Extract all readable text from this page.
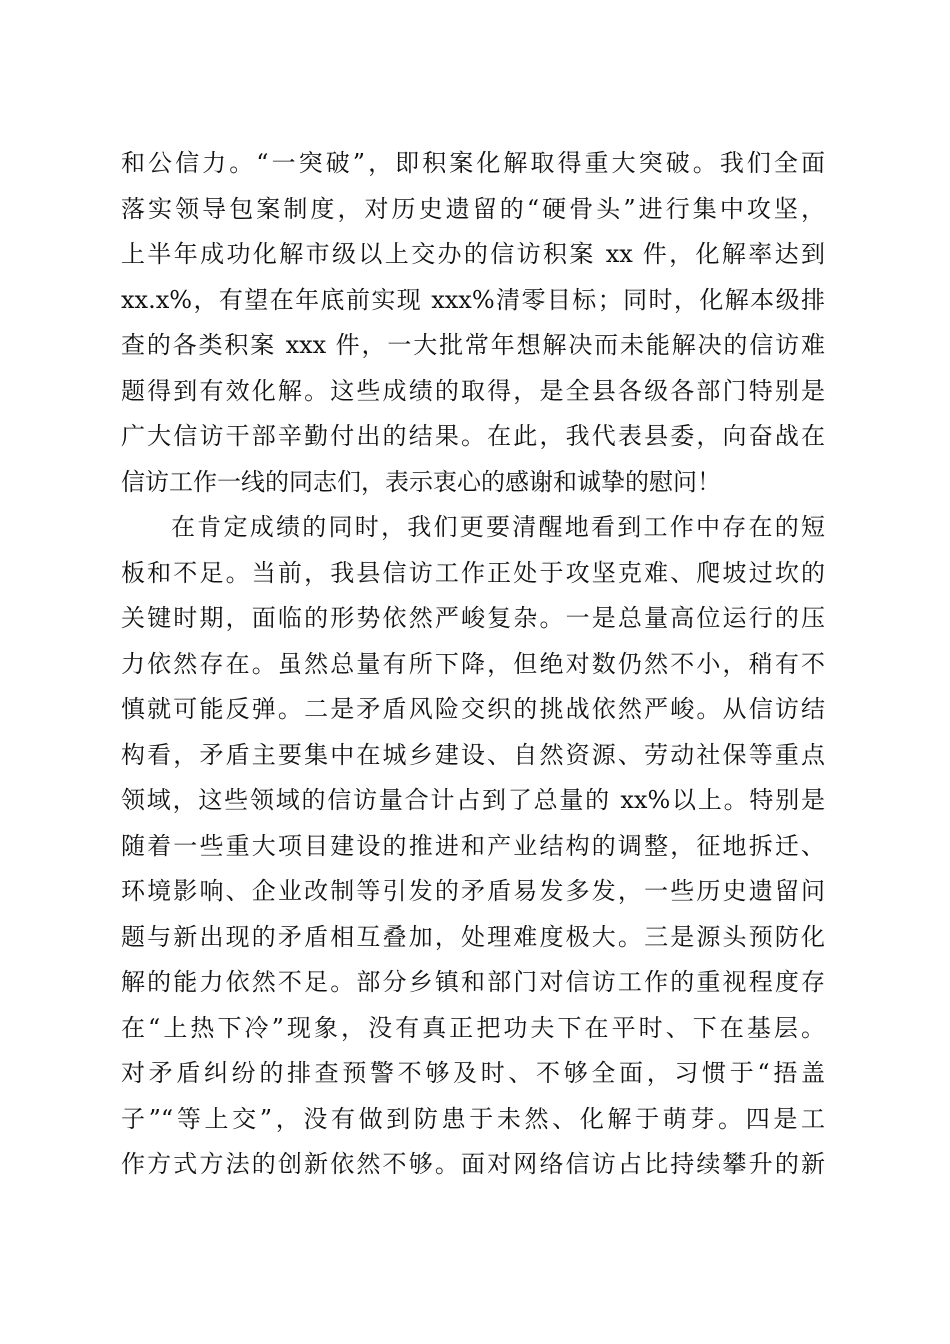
和公信力。“一突破”，即积案化解取得重大突破。我们全面
落实领导包案制度，对历史遗留的“硬骨头”进行集中攻坚，
上半年成功化解市级以上交办的信访积案 xx 件，化解率达到
xx.x%，有望在年底前实现 xxx%清零目标；同时，化解本级排
查的各类积案 xxx 件，一大批常年想解决而未能解决的信访难
题得到有效化解。这些成绩的取得，是全县各级各部门特别是
广大信访干部辛勤付出的结果。在此，我代表县委，向奋战在
信访工作一线的同志们，表示衷心的感谢和诚挚的慰问！
在肯定成绩的同时，我们更要清醒地看到工作中存在的短
板和不足。当前，我县信访工作正处于攻坚克难、爬坡过坎的
关键时期，面临的形势依然严峻复杂。一是总量高位运行的压
力依然存在。虽然总量有所下降，但绝对数仍然不小，稍有不
慎就可能反弹。二是矛盾风险交织的挑战依然严峻。从信访结
构看，矛盾主要集中在城乡建设、自然资源、劳动社保等重点
领域，这些领域的信访量合计占到了总量的 xx%以上。特别是
随着一些重大项目建设的推进和产业结构的调整，征地拆迁、
环境影响、企业改制等引发的矛盾易发多发，一些历史遗留问
题与新出现的矛盾相互叠加，处理难度极大。三是源头预防化
解的能力依然不足。部分乡镇和部门对信访工作的重视程度存
在“上热下冷”现象，没有真正把功夫下在平时、下在基层。
对矛盾纠纷的排查预警不够及时、不够全面，习惯于“捂盖
子”“等上交”，没有做到防患于未然、化解于萌芽。四是工
作方式方法的创新依然不够。面对网络信访占比持续攀升的新
